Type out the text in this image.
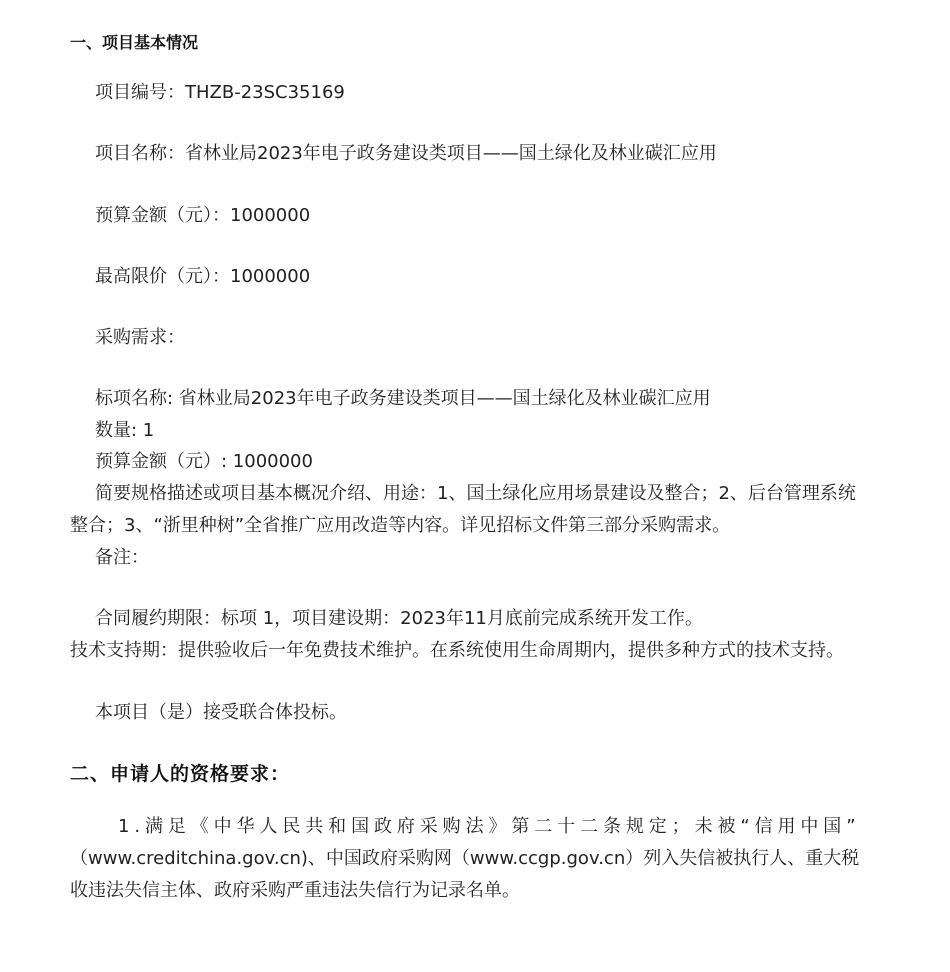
一、项目基本情况
项目编号：THZB-23SC35169
项目名称：省林业局2023年电子政务建设类项目——国土绿化及林业碳汇应用
预算金额（元）：1000000
最高限价（元）：1000000
采购需求：
标项名称: 省林业局2023年电子政务建设类项目——国土绿化及林业碳汇应用
数量: 1
预算金额（元）: 1000000
简要规格描述或项目基本概况介绍、用途：1、国土绿化应用场景建设及整合；2、后台管理系统
整合；3、“浙里种树”全省推广应用改造等内容。详见招标文件第三部分采购需求。
备注：
合同履约期限：标项 1，项目建设期：2023年11月底前完成系统开发工作。
技术支持期：提供验收后一年免费技术维护。在系统使用生命周期内，提供多种方式的技术支持。
本项目（是）接受联合体投标。
二、申请人的资格要求：
1.满足《中华人民共和国政府采购法》第二十二条规定；未被“信用中国”
（www.creditchina.gov.cn)、中国政府采购网（www.ccgp.gov.cn）列入失信被执行人、重大税
收违法失信主体、政府采购严重违法失信行为记录名单。
